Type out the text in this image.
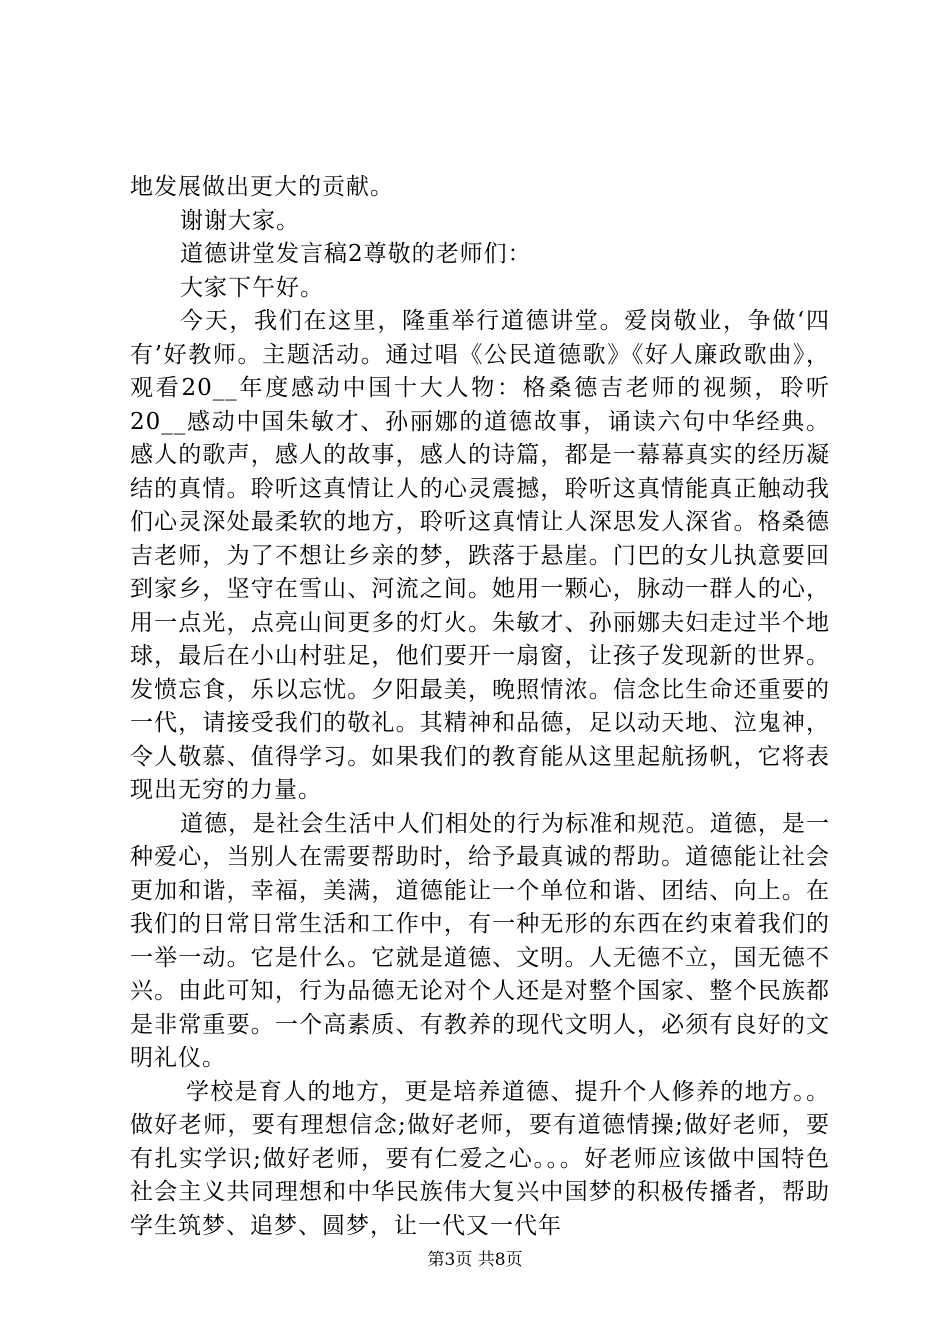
地发展做出更大的贡献。

谢谢大家。

道德讲堂发言稿2尊敬的老师们：

大家下午好。

今天，我们在这里，隆重举行道德讲堂。爱岗敬业，争做‘四有’好教师。主题活动。通过唱《公民道德歌》《好人廉政歌曲》，观看20__年度感动中国十大人物：格桑德吉老师的视频，聆听20__感动中国朱敏才、孙丽娜的道德故事，诵读六句中华经典。感人的歌声，感人的故事，感人的诗篇，都是一幕幕真实的经历凝结的真情。聆听这真情让人的心灵震撼，聆听这真情能真正触动我们心灵深处最柔软的地方，聆听这真情让人深思发人深省。格桑德吉老师，为了不想让乡亲的梦，跌落于悬崖。门巴的女儿执意要回到家乡，坚守在雪山、河流之间。她用一颗心，脉动一群人的心，用一点光，点亮山间更多的灯火。朱敏才、孙丽娜夫妇走过半个地球，最后在小山村驻足，他们要开一扇窗，让孩子发现新的世界。发愤忘食，乐以忘忧。夕阳最美，晚照情浓。信念比生命还重要的一代，请接受我们的敬礼。其精神和品德，足以动天地、泣鬼神，令人敬慕、值得学习。如果我们的教育能从这里起航扬帆，它将表现出无穷的力量。

道德，是社会生活中人们相处的行为标准和规范。道德，是一种爱心，当别人在需要帮助时，给予最真诚的帮助。道德能让社会更加和谐，幸福，美满，道德能让一个单位和谐、团结、向上。在我们的日常日常生活和工作中，有一种无形的东西在约束着我们的一举一动。它是什么。它就是道德、文明。人无德不立，国无德不兴。由此可知，行为品德无论对个人还是对整个国家、整个民族都是非常重要。一个高素质、有教养的现代文明人，必须有良好的文明礼仪。

学校是育人的地方，更是培养道德、提升个人修养的地方。。做好老师，要有理想信念;做好老师，要有道德情操;做好老师，要有扎实学识;做好老师，要有仁爱之心。。。好老师应该做中国特色社会主义共同理想和中华民族伟大复兴中国梦的积极传播者，帮助学生筑梦、追梦、圆梦，让一代又一代年

第3页 共8页
